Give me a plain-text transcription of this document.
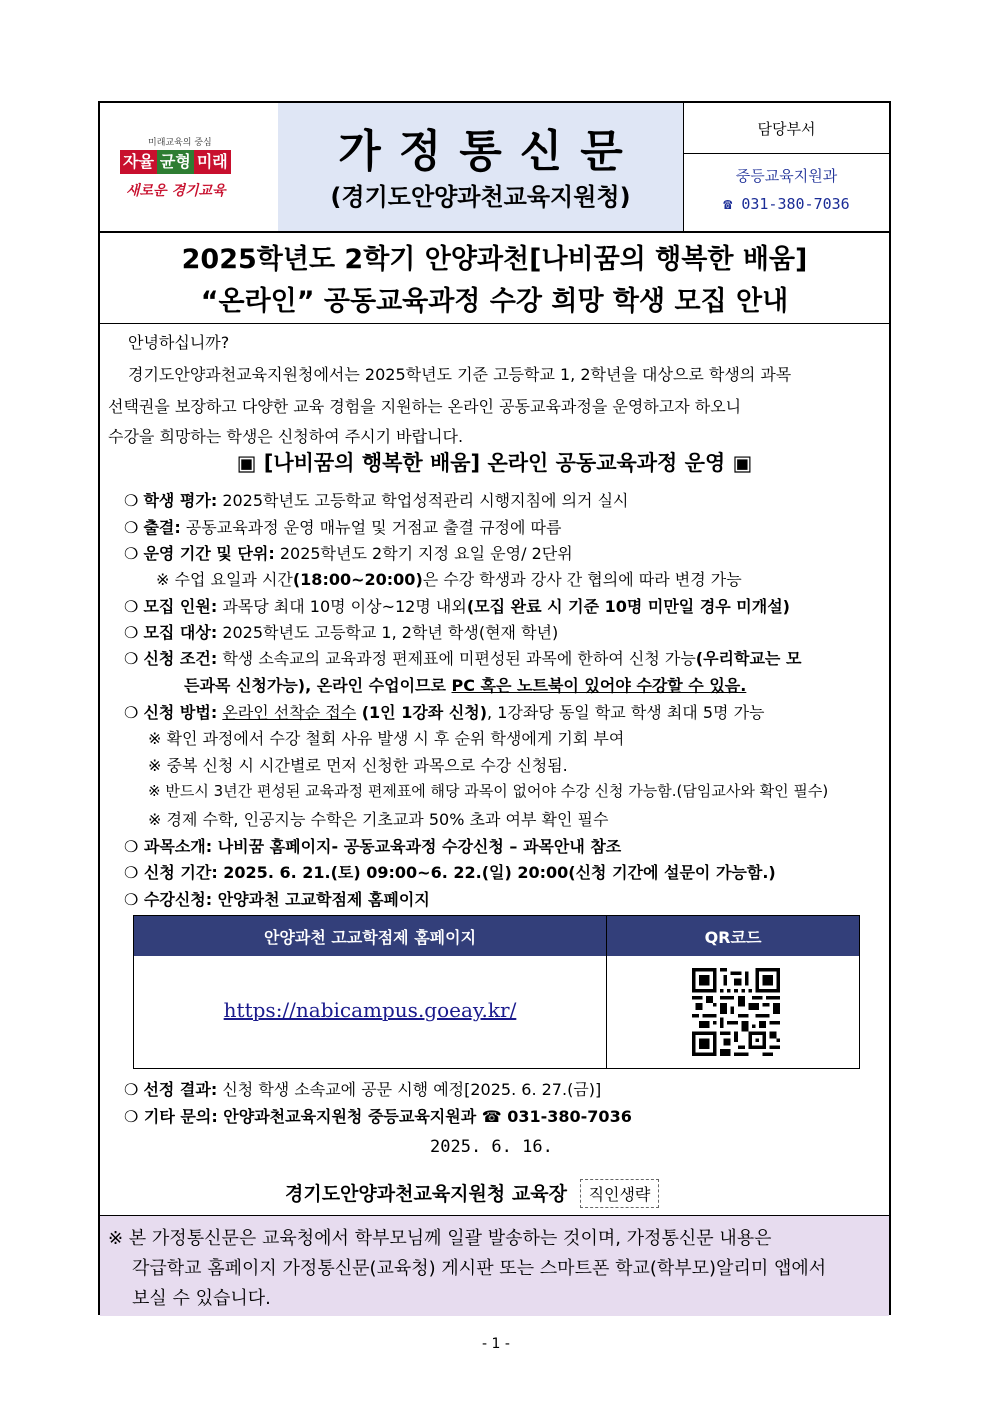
미래교육의 중심
자율 균형 미래
새로운 경기교육
가정통신문
(경기도안양과천교육지원청)
담당부서
중등교육지원과
☎ 031-380-7036
2025학년도 2학기 안양과천[나비꿈의 행복한 배움]
“온라인” 공동교육과정 수강 희망 학생 모집 안내
안녕하십니까?
경기도안양과천교육지원청에서는 2025학년도 기준 고등학교 1, 2학년을 대상으로 학생의 과목
선택권을 보장하고 다양한 교육 경험을 지원하는 온라인 공동교육과정을 운영하고자 하오니
수강을 희망하는 학생은 신청하여 주시기 바랍니다.
▣ [나비꿈의 행복한 배움] 온라인 공동교육과정 운영 ▣
❍ 학생 평가: 2025학년도 고등학교 학업성적관리 시행지침에 의거 실시
❍ 출결: 공동교육과정 운영 매뉴얼 및 거점교 출결 규정에 따름
❍ 운영 기간 및 단위: 2025학년도 2학기 지정 요일 운영/ 2단위
※ 수업 요일과 시간(18:00~20:00)은 수강 학생과 강사 간 협의에 따라 변경 가능
❍ 모집 인원: 과목당 최대 10명 이상~12명 내외(모집 완료 시 기준 10명 미만일 경우 미개설)
❍ 모집 대상: 2025학년도 고등학교 1, 2학년 학생(현재 학년)
❍ 신청 조건: 학생 소속교의 교육과정 편제표에 미편성된 과목에 한하여 신청 가능(우리학교는 모
든과목 신청가능), 온라인 수업이므로 PC 혹은 노트북이 있어야 수강할 수 있음.
❍ 신청 방법: 온라인 선착순 접수 (1인 1강좌 신청), 1강좌당 동일 학교 학생 최대 5명 가능
※ 확인 과정에서 수강 철회 사유 발생 시 후 순위 학생에게 기회 부여
※ 중복 신청 시 시간별로 먼저 신청한 과목으로 수강 신청됨.
※ 반드시 3년간 편성된 교육과정 편제표에 해당 과목이 없어야 수강 신청 가능함.(담임교사와 확인 필수)
※ 경제 수학, 인공지능 수학은 기초교과 50% 초과 여부 확인 필수
❍ 과목소개: 나비꿈 홈페이지- 공동교육과정 수강신청 – 과목안내 참조
❍ 신청 기간: 2025. 6. 21.(토) 09:00~6. 22.(일) 20:00(신청 기간에 설문이 가능함.)
❍ 수강신청: 안양과천 고교학점제 홈페이지
안양과천 고교학점제 홈페이지	QR코드
https://nabicampus.goeay.kr/
❍ 선정 결과: 신청 학생 소속교에 공문 시행 예정[2025. 6. 27.(금)]
❍ 기타 문의: 안양과천교육지원청 중등교육지원과 ☎ 031-380-7036
2025. 6. 16.
경기도안양과천교육지원청 교육장 직인생략
※ 본 가정통신문은 교육청에서 학부모님께 일괄 발송하는 것이며, 가정통신문 내용은
각급학교 홈페이지 가정통신문(교육청) 게시판 또는 스마트폰 학교(학부모)알리미 앱에서
보실 수 있습니다.
- 1 -
